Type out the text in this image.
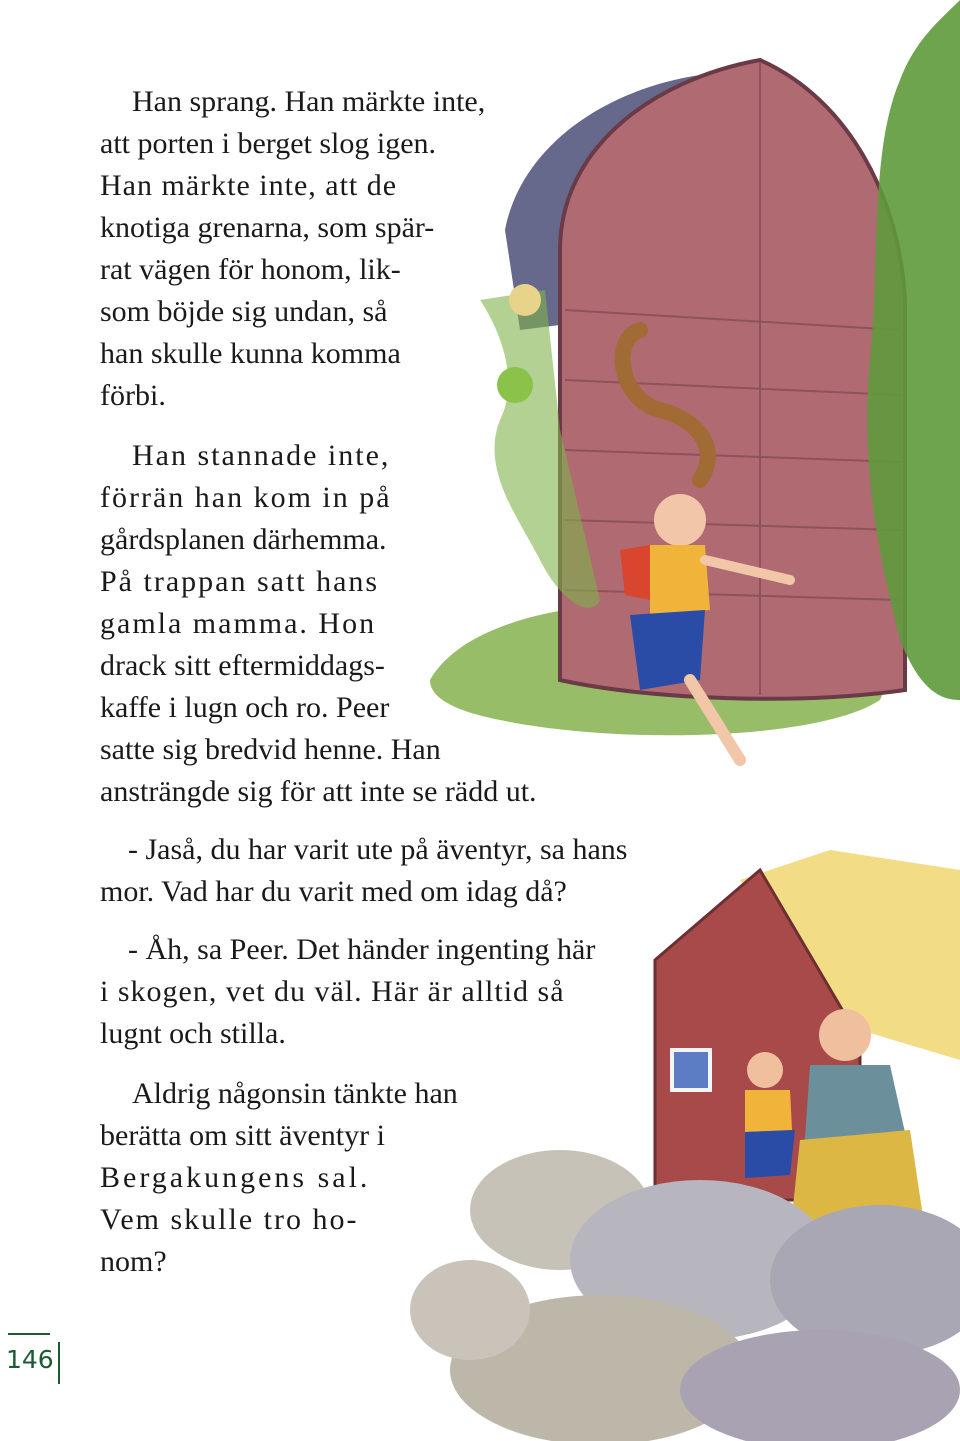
Han sprang. Han märkte inte,
att porten i berget slog igen.
Han märkte inte, att de
knotiga grenarna, som spär-
rat vägen för honom, lik-
som böjde sig undan, så
han skulle kunna komma
förbi.
Han stannade inte,
förrän han kom in på
gårdsplanen därhemma.
På trappan satt hans
gamla mamma. Hon
drack sitt eftermiddags-
kaffe i lugn och ro. Peer
satte sig bredvid henne. Han
ansträngde sig för att inte se rädd ut.
- Jaså, du har varit ute på äventyr, sa hans
mor. Vad har du varit med om idag då?
- Åh, sa Peer. Det händer ingenting här
i skogen, vet du väl. Här är alltid så
lugnt och stilla.
Aldrig någonsin tänkte han
berätta om sitt äventyr i
Bergakungens sal.
Vem skulle tro ho-
nom?
146
